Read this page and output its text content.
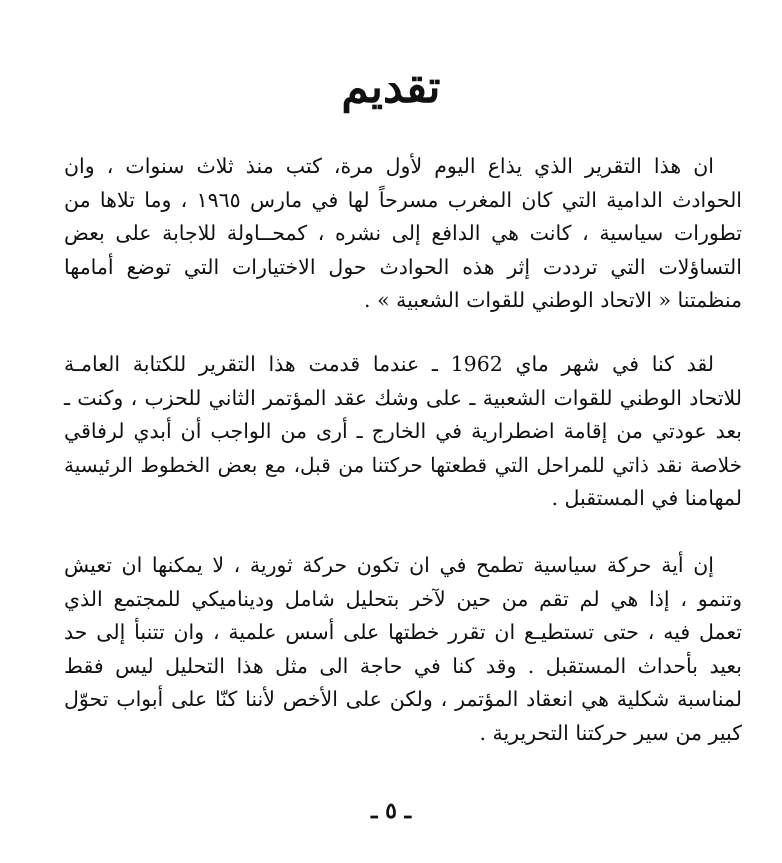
تقديم
ان هذا التقرير الذي يذاع اليوم لأول مرة، كتب منذ ثلاث سنوات ، وان
الحوادث الدامية التي كان المغرب مسرحاً لها في مارس ١٩٦٥ ، وما تلاها من
تطورات سياسية ، كانت هي الدافع إلى نشره ، كمحــاولة للاجابة على بعض
التساؤلات التي ترددت إثر هذه الحوادث حول الاختيارات التي توضع أمامها
منظمتنا « الاتحاد الوطني للقوات الشعبية » .
لقد كنا في شهر ماي 1962 ـ عندما قدمت هذا التقرير للكتابة العامـة
للاتحاد الوطني للقوات الشعبية ـ على وشك عقد المؤتمر الثاني للحزب ، وكنت ـ
بعد عودتي من إقامة اضطرارية في الخارج ـ أرى من الواجب أن أبدي لرفاقي
خلاصة نقد ذاتي للمراحل التي قطعتها حركتنا من قبل، مع بعض الخطوط الرئيسية
لمهامنا في المستقبل .
إن أية حركة سياسية تطمح في ان تكون حركة ثورية ، لا يمكنها ان تعيش
وتنمو ، إذا هي لم تقم من حين لآخر بتحليل شامل وديناميكي للمجتمع الذي
تعمل فيه ، حتى تستطيـع ان تقرر خطتها على أسس علمية ، وان تتنبأ إلى حد
بعيد بأحداث المستقبل . وقد كنا في حاجة الى مثل هذا التحليل ليس فقط
لمناسبة شكلية هي انعقاد المؤتمر ، ولكن على الأخص لأننا كنّا على أبواب تحوّل
كبير من سير حركتنا التحريرية .
ـ ٥ ـ
